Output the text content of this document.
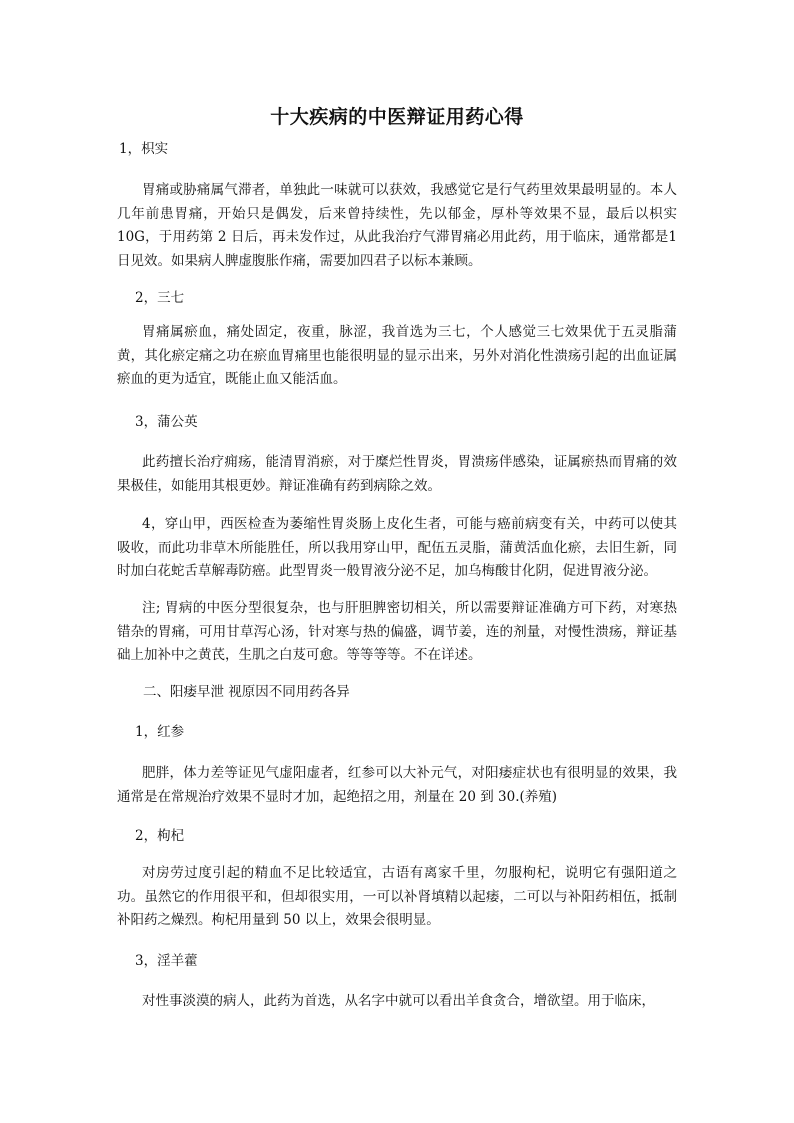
十大疾病的中医辩证用药心得
1，枳实
胃痛或胁痛属气滞者，单独此一味就可以获效，我感觉它是行气药里效果最明显的。本人几年前患胃痛，开始只是偶发，后来曾持续性，先以郁金，厚朴等效果不显，最后以枳实10G，于用药第 2 日后，再未发作过，从此我治疗气滞胃痛必用此药，用于临床，通常都是1日见效。如果病人脾虚腹胀作痛，需要加四君子以标本兼顾。
2，三七
胃痛属瘀血，痛处固定，夜重，脉涩，我首选为三七，个人感觉三七效果优于五灵脂蒲黄，其化瘀定痛之功在瘀血胃痛里也能很明显的显示出来，另外对消化性溃疡引起的出血证属瘀血的更为适宜，既能止血又能活血。
3，蒲公英
此药擅长治疗痈疡，能清胃消瘀，对于糜烂性胃炎，胃溃疡伴感染，证属瘀热而胃痛的效果极佳，如能用其根更妙。辩证准确有药到病除之效。
4，穿山甲，西医检查为萎缩性胃炎肠上皮化生者，可能与癌前病变有关，中药可以使其吸收，而此功非草木所能胜任，所以我用穿山甲，配伍五灵脂，蒲黄活血化瘀，去旧生新，同时加白花蛇舌草解毒防癌。此型胃炎一般胃液分泌不足，加乌梅酸甘化阴，促进胃液分泌。
注; 胃病的中医分型很复杂，也与肝胆脾密切相关，所以需要辩证准确方可下药，对寒热错杂的胃痛，可用甘草泻心汤，针对寒与热的偏盛，调节姜，连的剂量，对慢性溃疡，辩证基础上加补中之黄芪，生肌之白芨可愈。等等等等。不在详述。
二、阳痿早泄 视原因不同用药各异
1，红参
肥胖，体力差等证见气虚阳虚者，红参可以大补元气，对阳痿症状也有很明显的效果，我通常是在常规治疗效果不显时才加，起绝招之用，剂量在 20 到 30.(养殖)
2，枸杞
对房劳过度引起的精血不足比较适宜，古语有离家千里，勿服枸杞，说明它有强阳道之功。虽然它的作用很平和，但却很实用，一可以补肾填精以起痿，二可以与补阳药相伍，抵制补阳药之燥烈。枸杞用量到 50 以上，效果会很明显。
3，淫羊藿
对性事淡漠的病人，此药为首选，从名字中就可以看出羊食贪合，增欲望。用于临床，
